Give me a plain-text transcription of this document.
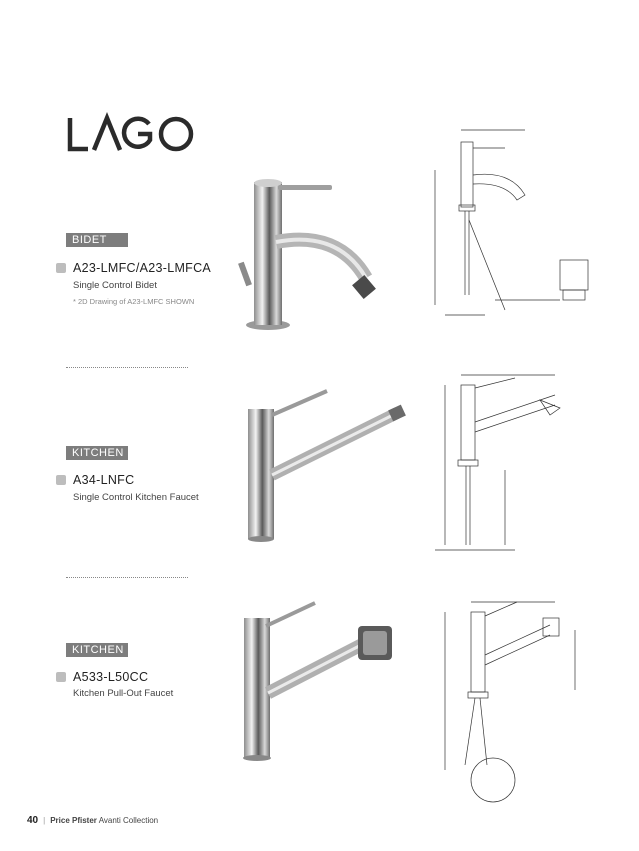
BIDET
A23-LMFC/A23-LMFCA
Single Control Bidet
* 2D Drawing of A23-LMFC SHOWN
KITCHEN
A34-LNFC
Single Control Kitchen Faucet
KITCHEN
A533-L50CC
Kitchen Pull-Out Faucet
40 | Price Pfister Avanti Collection
